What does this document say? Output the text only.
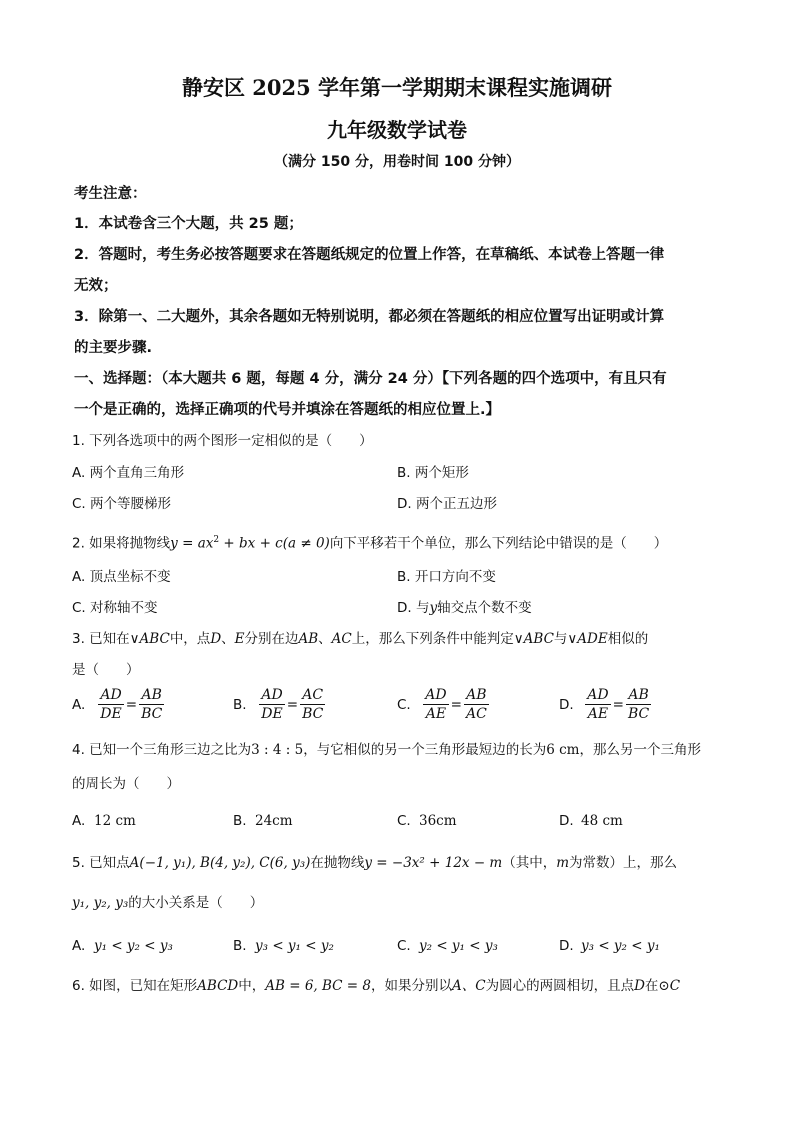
静安区 2025 学年第一学期期末课程实施调研
九年级数学试卷
（满分 150 分，用卷时间 100 分钟）
考生注意：
1．本试卷含三个大题，共 25 题；
2．答题时，考生务必按答题要求在答题纸规定的位置上作答，在草稿纸、本试卷上答题一律
无效；
3．除第一、二大题外，其余各题如无特别说明，都必须在答题纸的相应位置写出证明或计算
的主要步骤.
一、选择题：（本大题共 6 题，每题 4 分，满分 24 分）【下列各题的四个选项中，有且只有
一个是正确的，选择正确项的代号并填涂在答题纸的相应位置上.】
1. 下列各选项中的两个图形一定相似的是（　　）
A. 两个直角三角形	B. 两个矩形
C. 两个等腰梯形	D. 两个正五边形
2. 如果将抛物线$y = ax^2$ + bx + c(a ≠ 0)向下平移若干个单位，那么下列结论中错误的是（　　）
A. 顶点坐标不变	B. 开口方向不变
C. 对称轴不变	D. 与y轴交点个数不变
3. 已知在∨ABC中，点D、E分别在边AB、AC上，那么下列条件中能判定∨ABC与∨ADE相似的
是（　　）
A. $\frac{AD}{DE} = \frac{AB}{BC}$	B. $\frac{AD}{DE} = \frac{AC}{BC}$	C. $\frac{AD}{AE} = \frac{AB}{AC}$	D. $\frac{AD}{AE} = \frac{AB}{BC}$
4. 已知一个三角形三边之比为3 : 4 : 5，与它相似的另一个三角形最短边的长为6 cm，那么另一个三角形
的周长为（　　）
A. 12 cm	B. 24cm	C. 36cm	D. 48 cm
5. 已知点A(−1, y₁), B(4, y₂), C(6, y₃)在抛物线y = −3x² + 12x − m（其中，m为常数）上，那么
y₁, y₂, y₃的大小关系是（　　）
A. y₁ < y₂ < y₃	B. y₃ < y₁ < y₂	C. y₂ < y₁ < y₃	D. y₃ < y₂ < y₁
6. 如图，已知在矩形ABCD中，AB = 6, BC = 8，如果分别以A、C为圆心的两圆相切，且点D在⊙C
